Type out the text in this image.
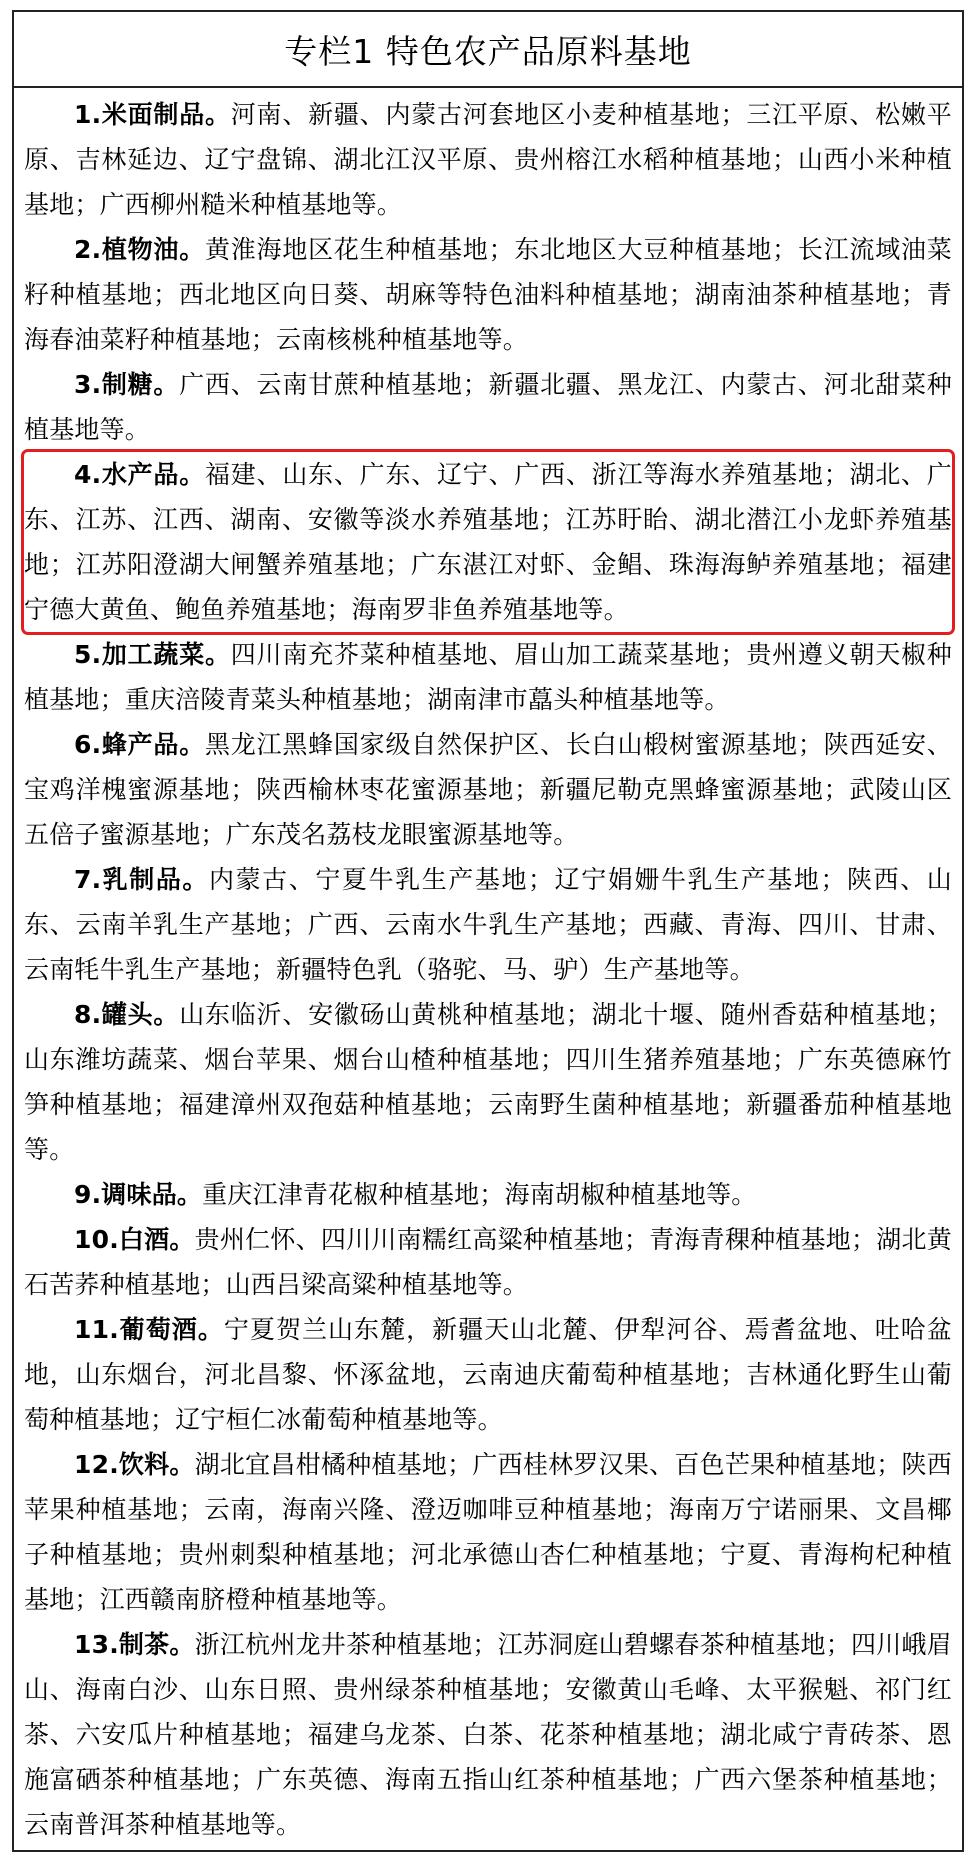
专栏1 特色农产品原料基地

1.米面制品。河南、新疆、内蒙古河套地区小麦种植基地；三江平原、松嫩平原、吉林延边、辽宁盘锦、湖北江汉平原、贵州榕江水稻种植基地；山西小米种植基地；广西柳州糙米种植基地等。

2.植物油。黄淮海地区花生种植基地；东北地区大豆种植基地；长江流域油菜籽种植基地；西北地区向日葵、胡麻等特色油料种植基地；湖南油茶种植基地；青海春油菜籽种植基地；云南核桃种植基地等。

3.制糖。广西、云南甘蔗种植基地；新疆北疆、黑龙江、内蒙古、河北甜菜种植基地等。

4.水产品。福建、山东、广东、辽宁、广西、浙江等海水养殖基地；湖北、广东、江苏、江西、湖南、安徽等淡水养殖基地；江苏盱眙、湖北潜江小龙虾养殖基地；江苏阳澄湖大闸蟹养殖基地；广东湛江对虾、金鲳、珠海海鲈养殖基地；福建宁德大黄鱼、鲍鱼养殖基地；海南罗非鱼养殖基地等。

5.加工蔬菜。四川南充芥菜种植基地、眉山加工蔬菜基地；贵州遵义朝天椒种植基地；重庆涪陵青菜头种植基地；湖南津市藠头种植基地等。

6.蜂产品。黑龙江黑蜂国家级自然保护区、长白山椴树蜜源基地；陕西延安、宝鸡洋槐蜜源基地；陕西榆林枣花蜜源基地；新疆尼勒克黑蜂蜜源基地；武陵山区五倍子蜜源基地；广东茂名荔枝龙眼蜜源基地等。

7.乳制品。内蒙古、宁夏牛乳生产基地；辽宁娟姗牛乳生产基地；陕西、山东、云南羊乳生产基地；广西、云南水牛乳生产基地；西藏、青海、四川、甘肃、云南牦牛乳生产基地；新疆特色乳（骆驼、马、驴）生产基地等。

8.罐头。山东临沂、安徽砀山黄桃种植基地；湖北十堰、随州香菇种植基地；山东潍坊蔬菜、烟台苹果、烟台山楂种植基地；四川生猪养殖基地；广东英德麻竹笋种植基地；福建漳州双孢菇种植基地；云南野生菌种植基地；新疆番茄种植基地等。

9.调味品。重庆江津青花椒种植基地；海南胡椒种植基地等。

10.白酒。贵州仁怀、四川川南糯红高粱种植基地；青海青稞种植基地；湖北黄石苦荞种植基地；山西吕梁高粱种植基地等。

11.葡萄酒。宁夏贺兰山东麓，新疆天山北麓、伊犁河谷、焉耆盆地、吐哈盆地，山东烟台，河北昌黎、怀涿盆地，云南迪庆葡萄种植基地；吉林通化野生山葡萄种植基地；辽宁桓仁冰葡萄种植基地等。

12.饮料。湖北宜昌柑橘种植基地；广西桂林罗汉果、百色芒果种植基地；陕西苹果种植基地；云南，海南兴隆、澄迈咖啡豆种植基地；海南万宁诺丽果、文昌椰子种植基地；贵州刺梨种植基地；河北承德山杏仁种植基地；宁夏、青海枸杞种植基地；江西赣南脐橙种植基地等。

13.制茶。浙江杭州龙井茶种植基地；江苏洞庭山碧螺春茶种植基地；四川峨眉山、海南白沙、山东日照、贵州绿茶种植基地；安徽黄山毛峰、太平猴魁、祁门红茶、六安瓜片种植基地；福建乌龙茶、白茶、花茶种植基地；湖北咸宁青砖茶、恩施富硒茶种植基地；广东英德、海南五指山红茶种植基地；广西六堡茶种植基地；云南普洱茶种植基地等。
